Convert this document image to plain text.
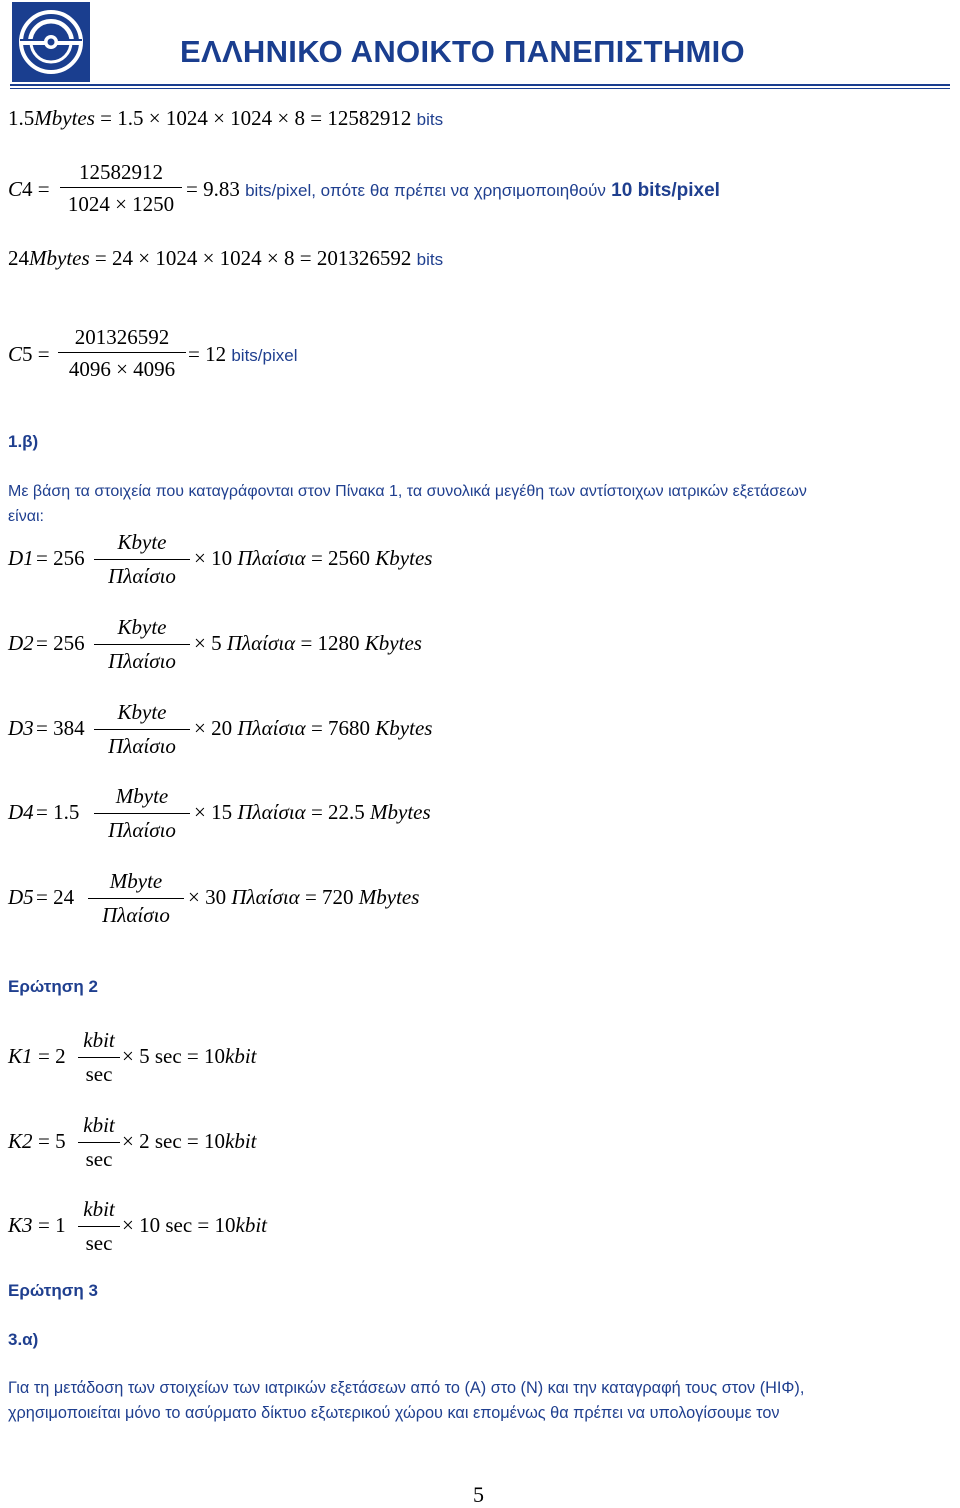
ΕΛΛΗΝΙΚΟ ΑΝΟΙΚΤΟ ΠΑΝΕΠΙΣΤΗΜΙΟ
1.5Mbytes = 1.5 × 1024 × 1024 × 8 = 12582912 bits
C4 =
12582912
1024 × 1250
= 9.83 bits/pixel, οπότε θα πρέπει να χρησιμοποιηθούν 10 bits/pixel
24Mbytes = 24 × 1024 × 1024 × 8 = 201326592 bits
C5 =
201326592
4096 × 4096
= 12 bits/pixel
1.β)
Με βάση τα στοιχεία που καταγράφονται στον Πίνακα 1, τα συνολικά μεγέθη των αντίστοιχων ιατρικών εξετάσεων
είναι:
D1 = 256
Kbyte
Πλαίσιο
× 10 Πλαίσια = 2560 Kbytes
D2 = 256
Kbyte
Πλαίσιο
× 5 Πλαίσια = 1280 Kbytes
D3 = 384
Kbyte
Πλαίσιο
× 20 Πλαίσια = 7680 Kbytes
D4 = 1.5
Mbyte
Πλαίσιο
× 15 Πλαίσια = 22.5 Mbytes
D5 = 24
Mbyte
Πλαίσιο
× 30 Πλαίσια = 720 Mbytes
Ερώτηση 2
K1 = 2
kbit
sec
× 5 sec = 10kbit
K2 = 5
kbit
sec
× 2 sec = 10kbit
K3 = 1
kbit
sec
× 10 sec = 10kbit
Ερώτηση 3
3.α)
Για τη μετάδοση των στοιχείων των ιατρικών εξετάσεων από το (Α) στο (Ν) και την καταγραφή τους στον (ΗΙΦ),
χρησιμοποιείται μόνο το ασύρματο δίκτυο εξωτερικού χώρου και επομένως θα πρέπει να υπολογίσουμε τον
5
